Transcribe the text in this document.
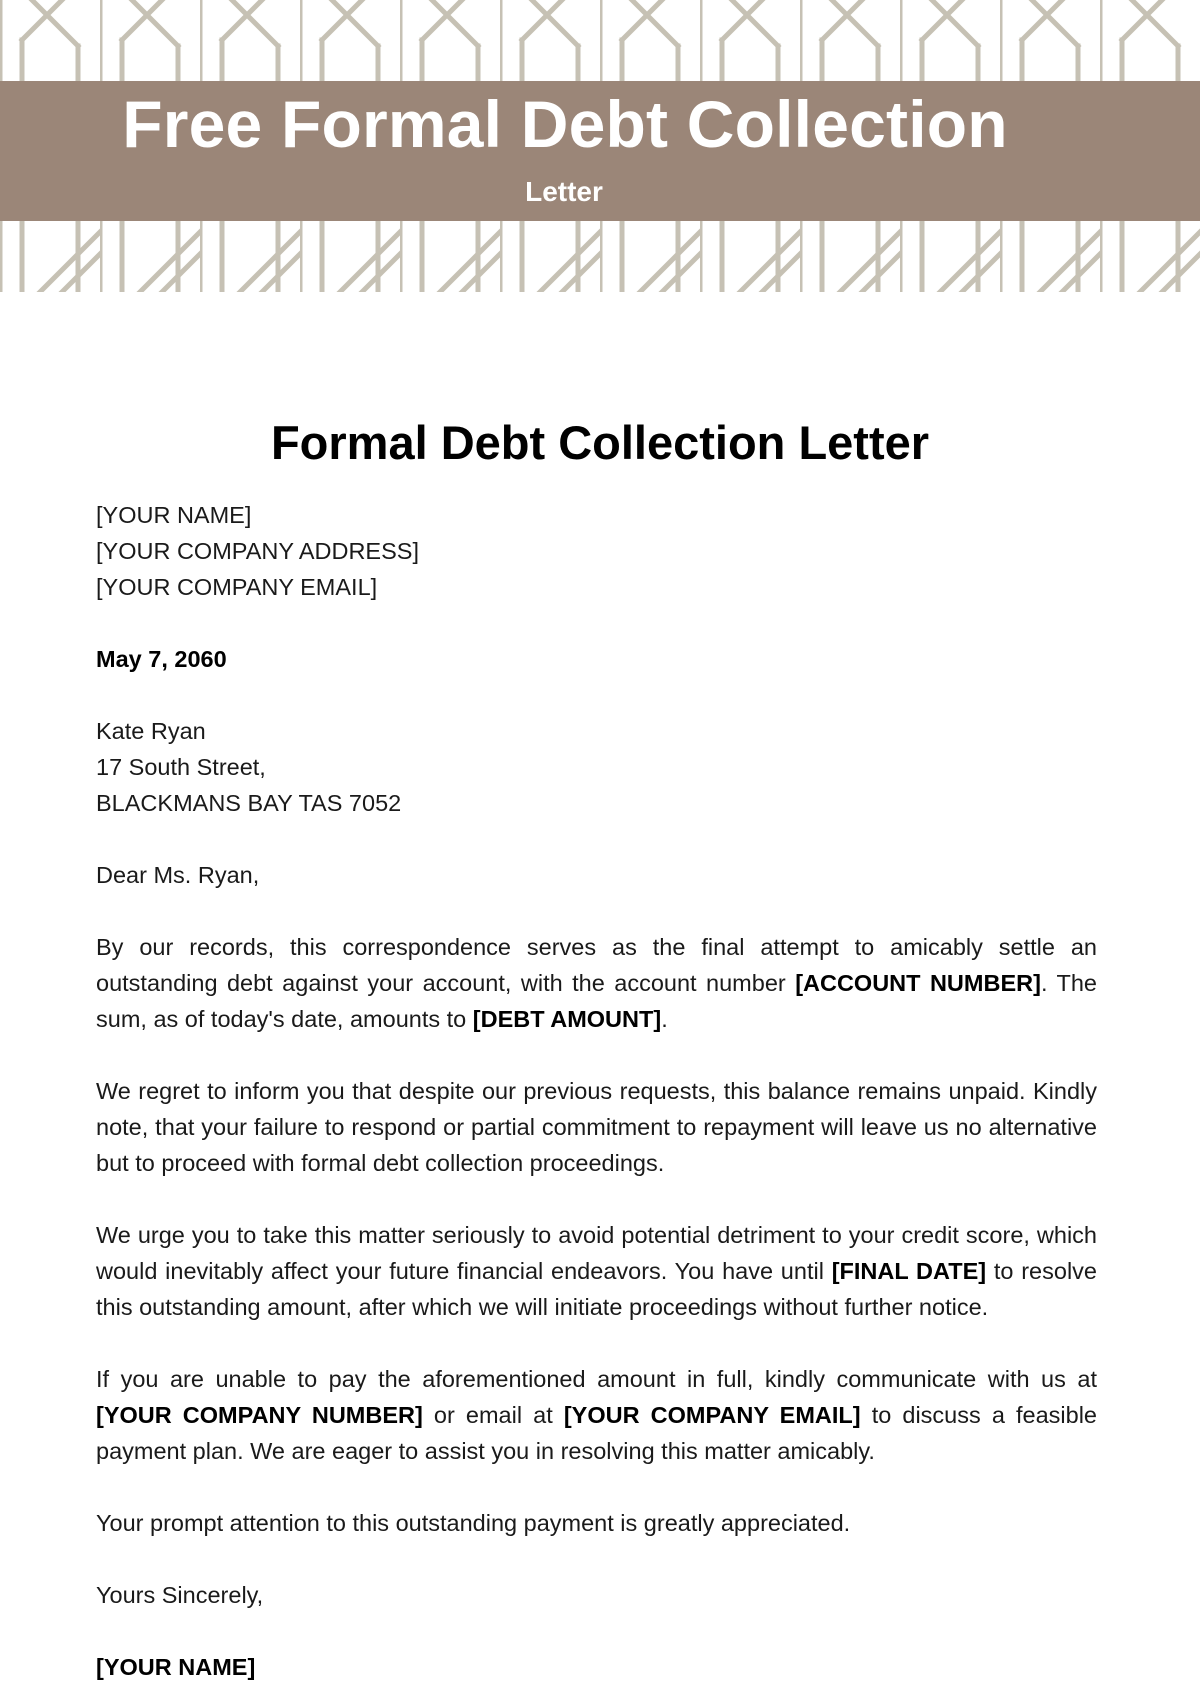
Free Formal Debt Collection
Letter
Formal Debt Collection Letter
[YOUR NAME]
[YOUR COMPANY ADDRESS]
[YOUR COMPANY EMAIL]
May 7, 2060
Kate Ryan
17 South Street,
BLACKMANS BAY TAS 7052
Dear Ms. Ryan,

By our records, this correspondence serves as the final attempt to amicably settle an outstanding debt against your account, with the account number [ACCOUNT NUMBER]. The sum, as of today's date, amounts to [DEBT AMOUNT].

We regret to inform you that despite our previous requests, this balance remains unpaid. Kindly note, that your failure to respond or partial commitment to repayment will leave us no alternative but to proceed with formal debt collection proceedings.

We urge you to take this matter seriously to avoid potential detriment to your credit score, which would inevitably affect your future financial endeavors. You have until [FINAL DATE] to resolve this outstanding amount, after which we will initiate proceedings without further notice.

If you are unable to pay the aforementioned amount in full, kindly communicate with us at [YOUR COMPANY NUMBER] or email at [YOUR COMPANY EMAIL] to discuss a feasible payment plan. We are eager to assist you in resolving this matter amicably.

Your prompt attention to this outstanding payment is greatly appreciated.

Yours Sincerely,
[YOUR NAME]
